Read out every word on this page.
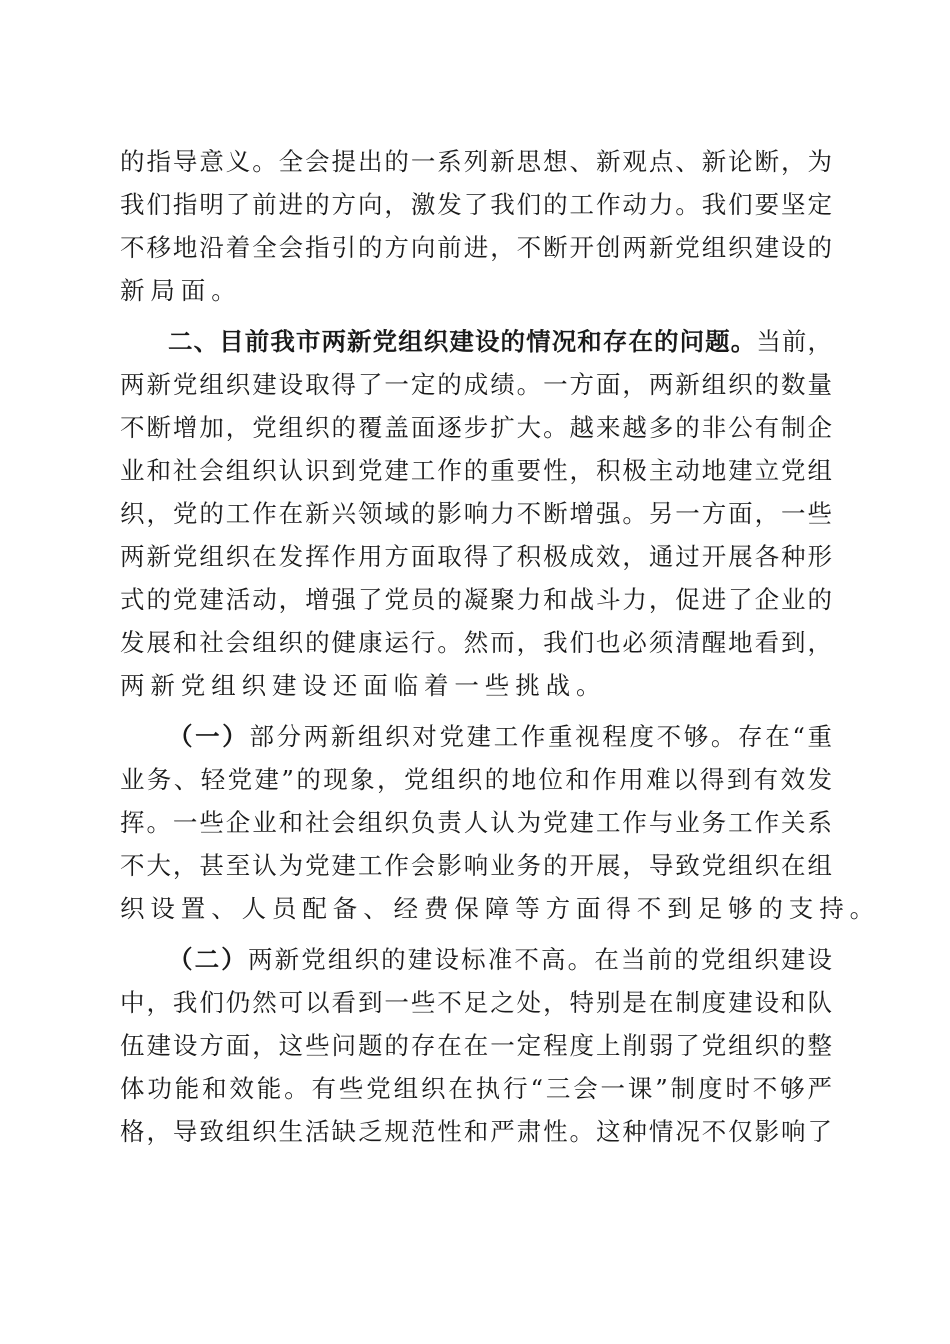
的指导意义。全会提出的一系列新思想、新观点、新论断，为
我们指明了前进的方向，激发了我们的工作动力。我们要坚定
不移地沿着全会指引的方向前进，不断开创两新党组织建设的
新局面。
二、目前我市两新党组织建设的情况和存在的问题。当前，
两新党组织建设取得了一定的成绩。一方面，两新组织的数量
不断增加，党组织的覆盖面逐步扩大。越来越多的非公有制企
业和社会组织认识到党建工作的重要性，积极主动地建立党组
织，党的工作在新兴领域的影响力不断增强。另一方面，一些
两新党组织在发挥作用方面取得了积极成效，通过开展各种形
式的党建活动，增强了党员的凝聚力和战斗力，促进了企业的
发展和社会组织的健康运行。然而，我们也必须清醒地看到，
两新党组织建设还面临着一些挑战。
（一）部分两新组织对党建工作重视程度不够。存在“重
业务、轻党建”的现象，党组织的地位和作用难以得到有效发
挥。一些企业和社会组织负责人认为党建工作与业务工作关系
不大，甚至认为党建工作会影响业务的开展，导致党组织在组
织设置、人员配备、经费保障等方面得不到足够的支持。
（二）两新党组织的建设标准不高。在当前的党组织建设
中，我们仍然可以看到一些不足之处，特别是在制度建设和队
伍建设方面，这些问题的存在在一定程度上削弱了党组织的整
体功能和效能。有些党组织在执行“三会一课”制度时不够严
格，导致组织生活缺乏规范性和严肃性。这种情况不仅影响了
